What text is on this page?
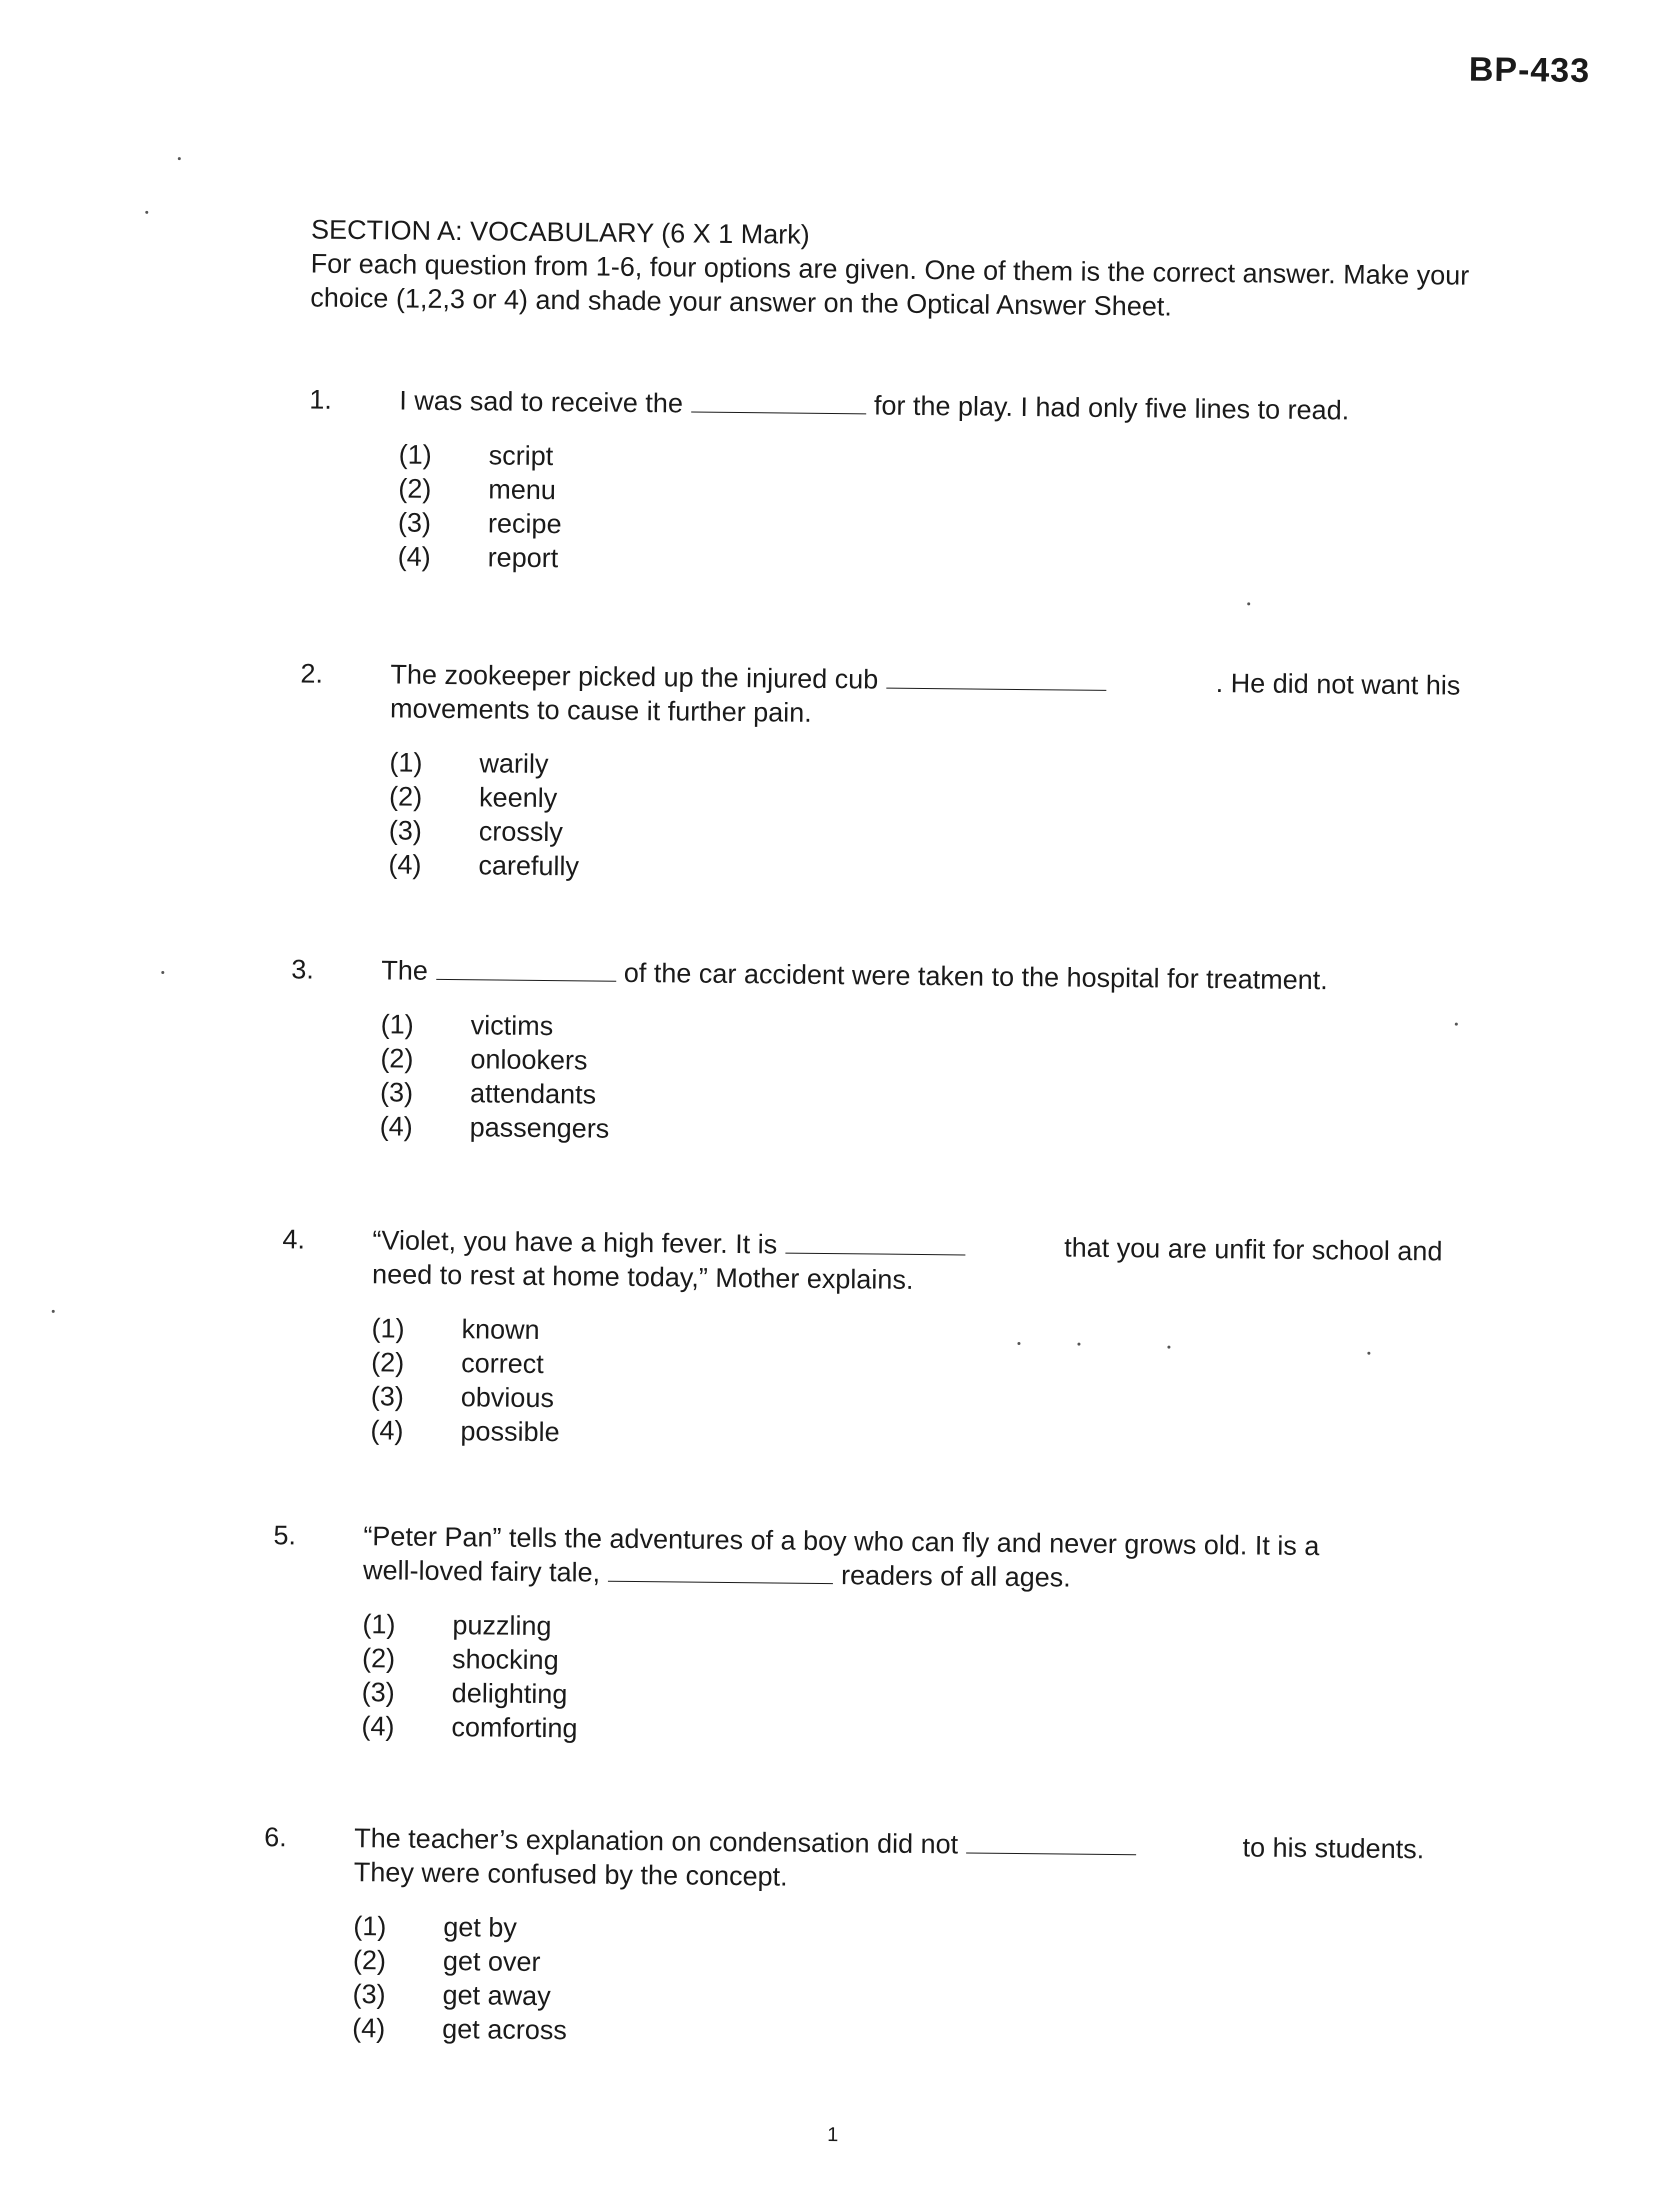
BP-433
SECTION A: VOCABULARY (6 X 1 Mark)
For each question from 1-6, four options are given. One of them is the correct answer. Make your choice (1,2,3 or 4) and shade your answer on the Optical Answer Sheet.
1.	I was sad to receive the	for the play. I had only five lines to read.
(1)	script
(2)	menu
(3)	recipe
(4)	report
2.	The zookeeper picked up the injured cub	. He did not want his
movements to cause it further pain.
(1)	warily
(2)	keenly
(3)	crossly
(4)	carefully
3.	The	of the car accident were taken to the hospital for treatment.
(1)	victims
(2)	onlookers
(3)	attendants
(4)	passengers
4.	“Violet, you have a high fever. It is	that you are unfit for school and
need to rest at home today,” Mother explains.
(1)	known
(2)	correct
(3)	obvious
(4)	possible
5.	“Peter Pan” tells the adventures of a boy who can fly and never grows old. It is a
well-loved fairy tale,	readers of all ages.
(1)	puzzling
(2)	shocking
(3)	delighting
(4)	comforting
6.	The teacher’s explanation on condensation did not	to his students.
They were confused by the concept.
(1)	get by
(2)	get over
(3)	get away
(4)	get across
1
